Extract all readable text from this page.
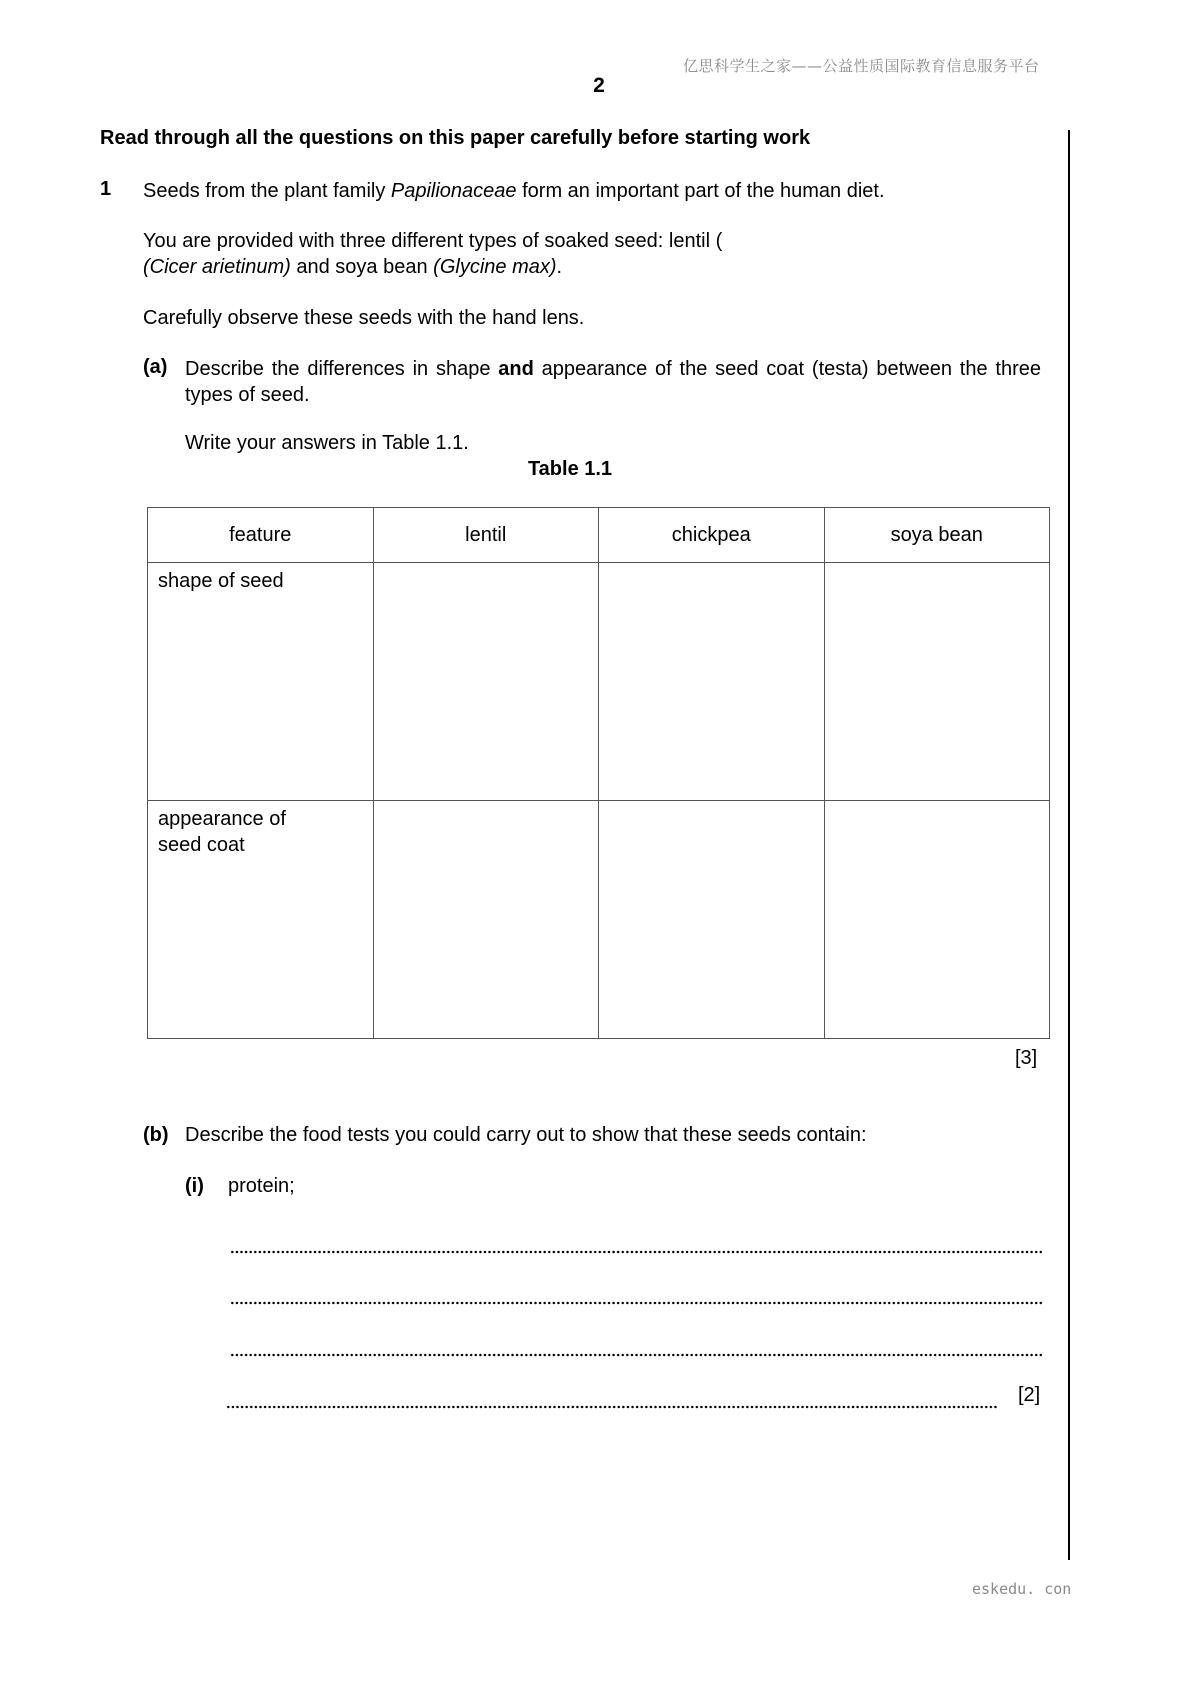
亿思科学生之家——公益性质国际教育信息服务平台
2
Read through all the questions on this paper carefully before starting work
1 Seeds from the plant family Papilionaceae form an important part of the human diet.
You are provided with three different types of soaked seed: lentil (
(Cicer arietinum) and soya bean (Glycine max).
Carefully observe these seeds with the hand lens.
(a) Describe the differences in shape and appearance of the seed coat (testa) between the three types of seed.
Write your answers in Table 1.1.
Table 1.1
feature	lentil	chickpea	soya bean
shape of seed			

appearance of
seed coat			

[3]
(b) Describe the food tests you could carry out to show that these seeds contain:
(i) protein;
[2]
eskedu. con
